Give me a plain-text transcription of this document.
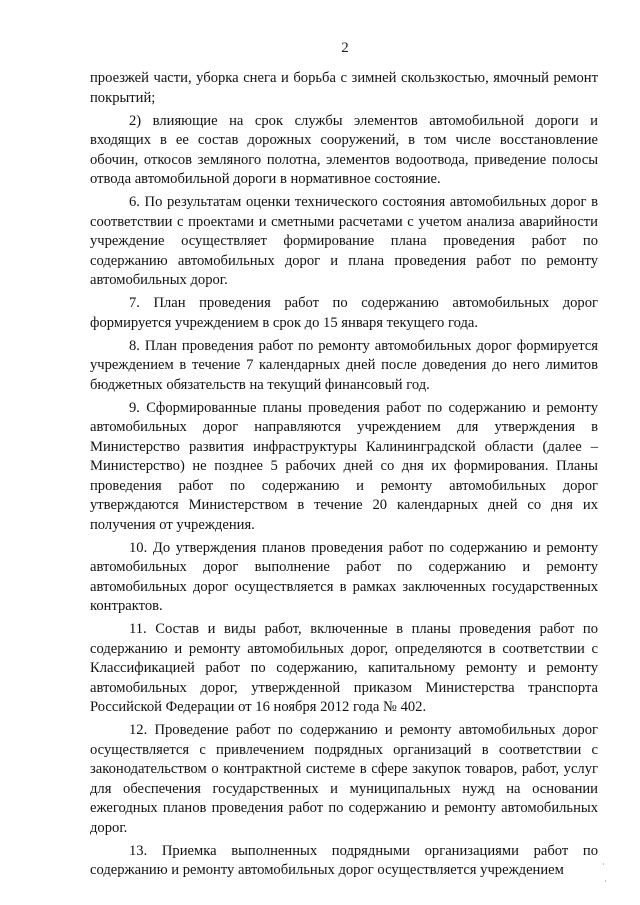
2

проезжей части, уборка снега и борьба с зимней скользкостью, ямочный ремонт покрытий;

2) влияющие на срок службы элементов автомобильной дороги и входящих в ее состав дорожных сооружений, в том числе восстановление обочин, откосов земляного полотна, элементов водоотвода, приведение полосы отвода автомобильной дороги в нормативное состояние.

6. По результатам оценки технического состояния автомобильных дорог в соответствии с проектами и сметными расчетами с учетом анализа аварийности учреждение осуществляет формирование плана проведения работ по содержанию автомобильных дорог и плана проведения работ по ремонту автомобильных дорог.

7. План проведения работ по содержанию автомобильных дорог формируется учреждением в срок до 15 января текущего года.

8. План проведения работ по ремонту автомобильных дорог формируется учреждением в течение 7 календарных дней после доведения до него лимитов бюджетных обязательств на текущий финансовый год.

9. Сформированные планы проведения работ по содержанию и ремонту автомобильных дорог направляются учреждением для утверждения в Министерство развития инфраструктуры Калининградской области (далее – Министерство) не позднее 5 рабочих дней со дня их формирования. Планы проведения работ по содержанию и ремонту автомобильных дорог утверждаются Министерством в течение 20 календарных дней со дня их получения от учреждения.

10. До утверждения планов проведения работ по содержанию и ремонту автомобильных дорог выполнение работ по содержанию и ремонту автомобильных дорог осуществляется в рамках заключенных государственных контрактов.

11. Состав и виды работ, включенные в планы проведения работ по содержанию и ремонту автомобильных дорог, определяются в соответствии с Классификацией работ по содержанию, капитальному ремонту и ремонту автомобильных дорог, утвержденной приказом Министерства транспорта Российской Федерации от 16 ноября 2012 года № 402.

12. Проведение работ по содержанию и ремонту автомобильных дорог осуществляется с привлечением подрядных организаций в соответствии с законодательством о контрактной системе в сфере закупок товаров, работ, услуг для обеспечения государственных и муниципальных нужд на основании ежегодных планов проведения работ по содержанию и ремонту автомобильных дорог.

13. Приемка выполненных подрядными организациями работ по содержанию и ремонту автомобильных дорог осуществляется учреждением	·
·
